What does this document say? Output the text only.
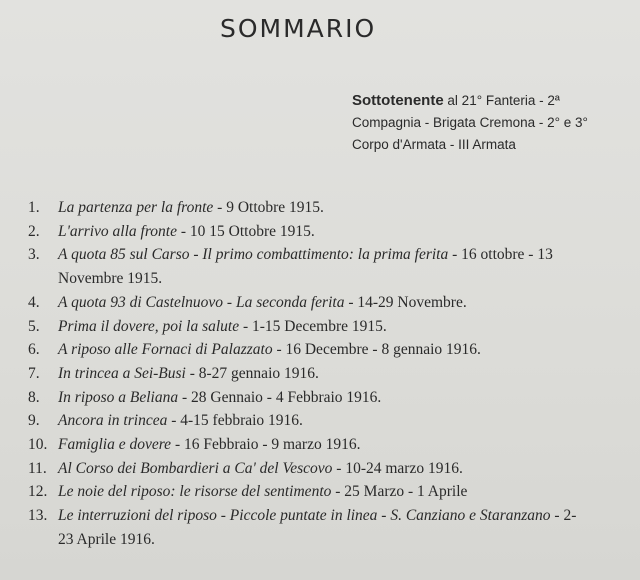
SOMMARIO
Sottotenente al 21° Fanteria - 2ª Compagnia - Brigata Cremona - 2° e 3° Corpo d'Armata - III Armata
1. La partenza per la fronte - 9 Ottobre 1915.
2. L'arrivo alla fronte - 10 15 Ottobre 1915.
3. A quota 85 sul Carso - Il primo combattimento: la prima ferita - 16 ottobre - 13 Novembre 1915.
4. A quota 93 di Castelnuovo - La seconda ferita - 14-29 Novembre.
5. Prima il dovere, poi la salute - 1-15 Decembre 1915.
6. A riposo alle Fornaci di Palazzato - 16 Decembre - 8 gennaio 1916.
7. In trincea a Sei-Busi - 8-27 gennaio 1916.
8. In riposo a Beliana - 28 Gennaio - 4 Febbraio 1916.
9. Ancora in trincea - 4-15 febbraio 1916.
10. Famiglia e dovere - 16 Febbraio - 9 marzo 1916.
11. Al Corso dei Bombardieri a Ca' del Vescovo - 10-24 marzo 1916.
12. Le noie del riposo: le risorse del sentimento - 25 Marzo - 1 Aprile
13. Le interruzioni del riposo - Piccole puntate in linea - S. Canziano e Staranzano - 2-23 Aprile 1916.
